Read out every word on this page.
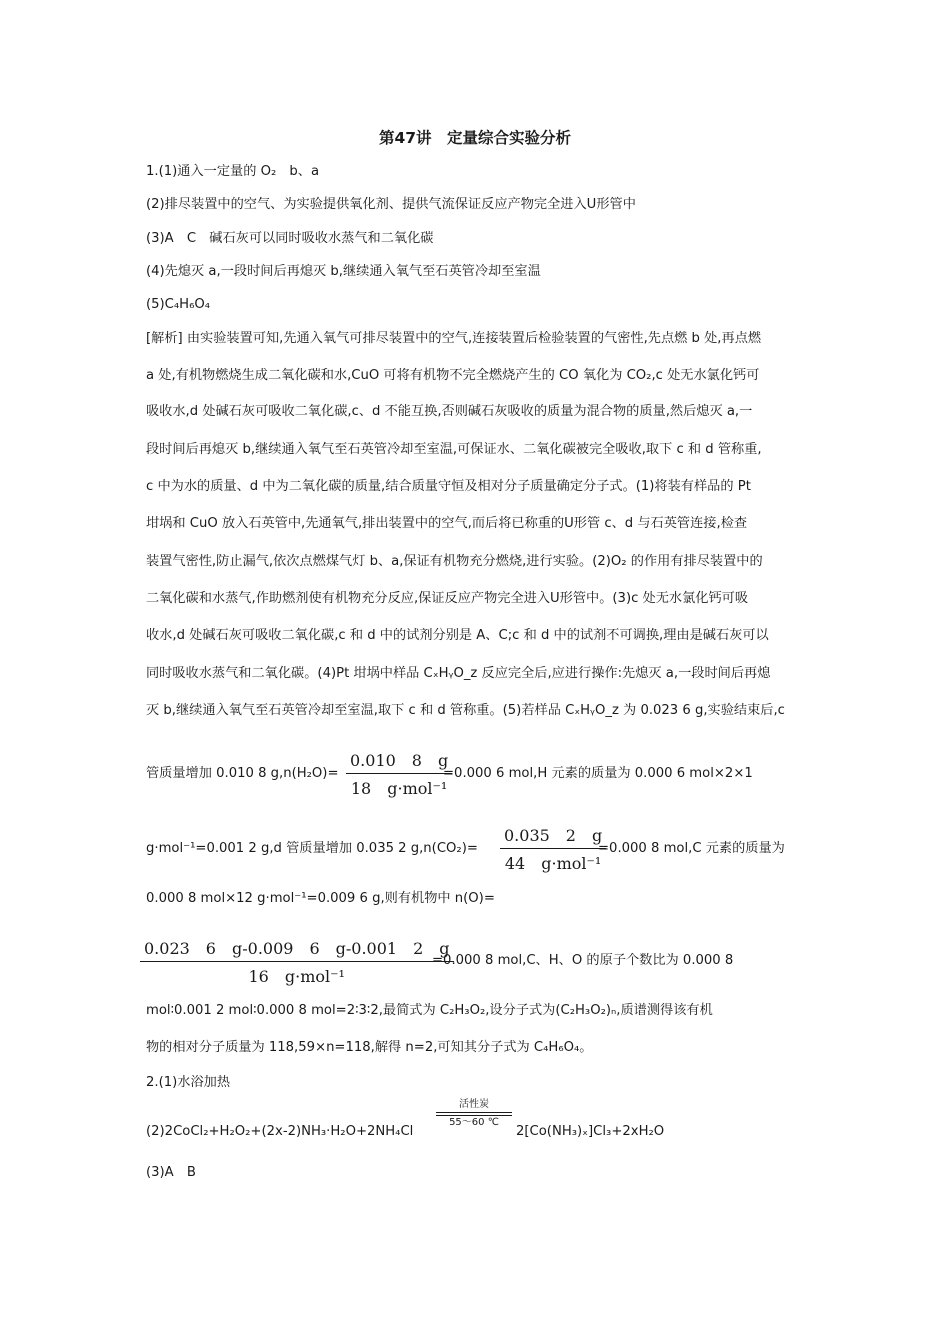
第47讲　定量综合实验分析
1.(1)通入一定量的 O₂　b、a
(2)排尽装置中的空气、为实验提供氧化剂、提供气流保证反应产物完全进入U形管中
(3)A　C　碱石灰可以同时吸收水蒸气和二氧化碳
(4)先熄灭 a,一段时间后再熄灭 b,继续通入氧气至石英管冷却至室温
(5)C₄H₆O₄
[解析] 由实验装置可知,先通入氧气可排尽装置中的空气,连接装置后检验装置的气密性,先点燃 b 处,再点燃
a 处,有机物燃烧生成二氧化碳和水,CuO 可将有机物不完全燃烧产生的 CO 氧化为 CO₂,c 处无水氯化钙可
吸收水,d 处碱石灰可吸收二氧化碳,c、d 不能互换,否则碱石灰吸收的质量为混合物的质量,然后熄灭 a,一
段时间后再熄灭 b,继续通入氧气至石英管冷却至室温,可保证水、二氧化碳被完全吸收,取下 c 和 d 管称重,
c 中为水的质量、d 中为二氧化碳的质量,结合质量守恒及相对分子质量确定分子式。(1)将装有样品的 Pt
坩埚和 CuO 放入石英管中,先通氧气,排出装置中的空气,而后将已称重的U形管 c、d 与石英管连接,检查
装置气密性,防止漏气,依次点燃煤气灯 b、a,保证有机物充分燃烧,进行实验。(2)O₂ 的作用有排尽装置中的
二氧化碳和水蒸气,作助燃剂使有机物充分反应,保证反应产物完全进入U形管中。(3)c 处无水氯化钙可吸
收水,d 处碱石灰可吸收二氧化碳,c 和 d 中的试剂分别是 A、C;c 和 d 中的试剂不可调换,理由是碱石灰可以
同时吸收水蒸气和二氧化碳。(4)Pt 坩埚中样品 CₓHᵧO_z 反应完全后,应进行操作:先熄灭 a,一段时间后再熄
灭 b,继续通入氧气至石英管冷却至室温,取下 c 和 d 管称重。(5)若样品 CₓHᵧO_z 为 0.023 6 g,实验结束后,c
管质量增加 0.010 8 g,n(H₂O)=
0.010　8　g
18　g·mol⁻¹
=0.000 6 mol,H 元素的质量为 0.000 6 mol×2×1
g·mol⁻¹=0.001 2 g,d 管质量增加 0.035 2 g,n(CO₂)=
0.035　2　g
44　g·mol⁻¹
=0.000 8 mol,C 元素的质量为
0.000 8 mol×12 g·mol⁻¹=0.009 6 g,则有机物中 n(O)=
0.023　6　g-0.009　6　g-0.001　2　g
16　g·mol⁻¹
=0.000 8 mol,C、H、O 的原子个数比为 0.000 8
mol∶0.001 2 mol∶0.000 8 mol=2∶3∶2,最简式为 C₂H₃O₂,设分子式为(C₂H₃O₂)ₙ,质谱测得该有机
物的相对分子质量为 118,59×n=118,解得 n=2,可知其分子式为 C₄H₆O₄。
2.(1)水浴加热
(2)2CoCl₂+H₂O₂+(2x-2)NH₃·H₂O+2NH₄Cl
活性炭
55～60 ℃
2[Co(NH₃)ₓ]Cl₃+2xH₂O
(3)A　B
